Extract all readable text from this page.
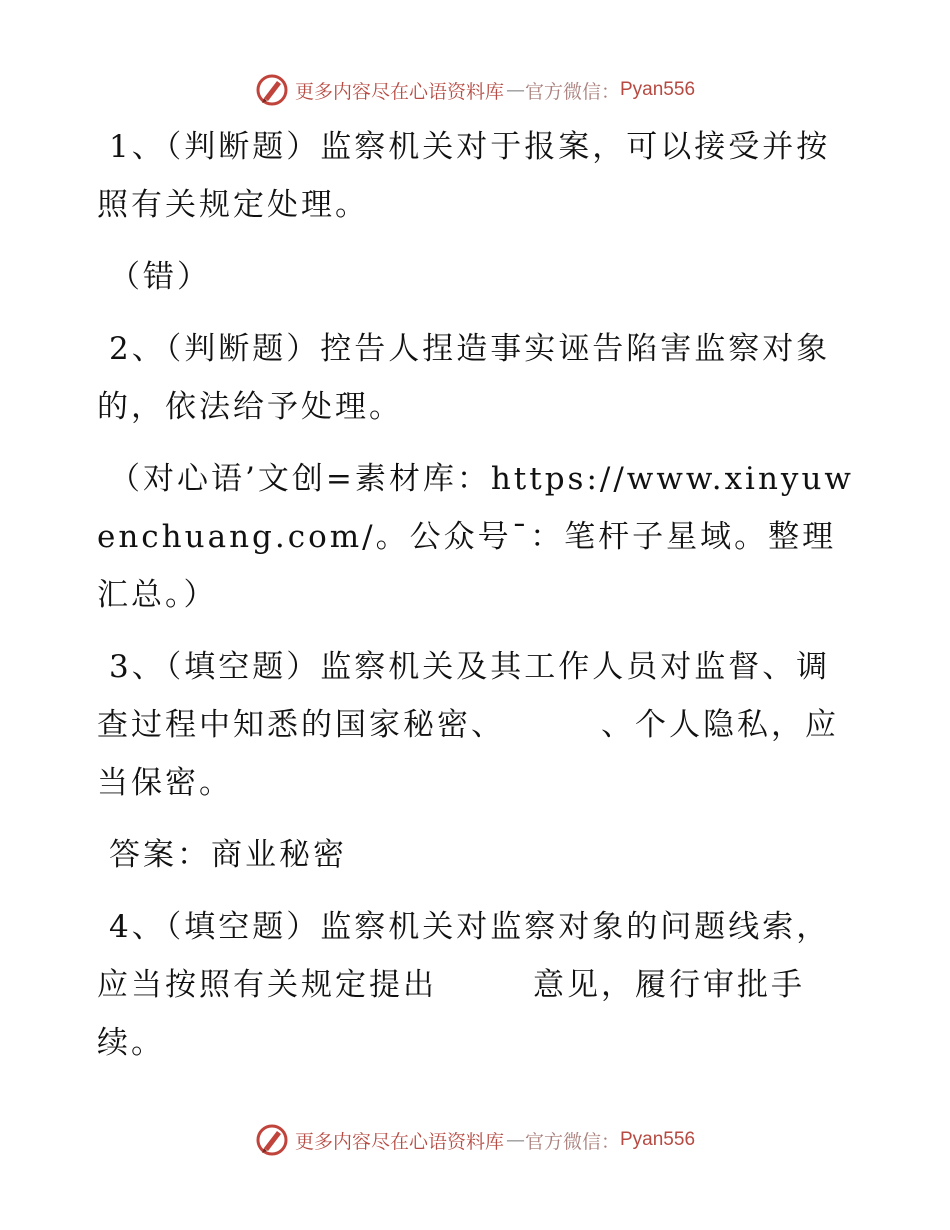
更多内容尽在心语资料库 — 官方微信： Pyan556

1、（判断题）监察机关对于报案，可以接受并按照有关规定处理。

（错）

2、（判断题）控告人捏造事实诬告陷害监察对象的，依法给予处理。

（对心语’文创=素材库：https://www.xinyuwenchuang.com/。公众号¯：笔杆子星域。整理汇总。）

3、（填空题）监察机关及其工作人员对监督、调查过程中知悉的国家秘密、	、个人隐私，应当保密。

答案：商业秘密

4、（填空题）监察机关对监察对象的问题线索，应当按照有关规定提出	意见，履行审批手续。

更多内容尽在心语资料库 — 官方微信： Pyan556
